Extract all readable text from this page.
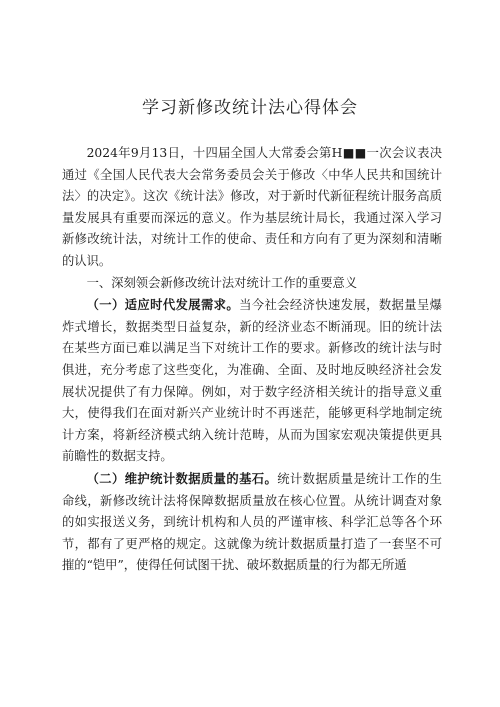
学习新修改统计法心得体会

2024年9月13日，十四届全国人大常委会第H■■一次会议表决通过《全国人民代表大会常务委员会关于修改〈中华人民共和国统计法〉的决定》。这次《统计法》修改，对于新时代新征程统计服务高质量发展具有重要而深远的意义。作为基层统计局长，我通过深入学习新修改统计法，对统计工作的使命、责任和方向有了更为深刻和清晰的认识。

一、深刻领会新修改统计法对统计工作的重要意义

（一）适应时代发展需求。当今社会经济快速发展，数据量呈爆炸式增长，数据类型日益复杂，新的经济业态不断涌现。旧的统计法在某些方面已难以满足当下对统计工作的要求。新修改的统计法与时俱进，充分考虑了这些变化，为准确、全面、及时地反映经济社会发展状况提供了有力保障。例如，对于数字经济相关统计的指导意义重大，使得我们在面对新兴产业统计时不再迷茫，能够更科学地制定统计方案，将新经济模式纳入统计范畴，从而为国家宏观决策提供更具前瞻性的数据支持。

（二）维护统计数据质量的基石。统计数据质量是统计工作的生命线，新修改统计法将保障数据质量放在核心位置。从统计调查对象的如实报送义务，到统计机构和人员的严谨审核、科学汇总等各个环节，都有了更严格的规定。这就像为统计数据质量打造了一套坚不可摧的“铠甲”，使得任何试图干扰、破坏数据质量的行为都无所遁
